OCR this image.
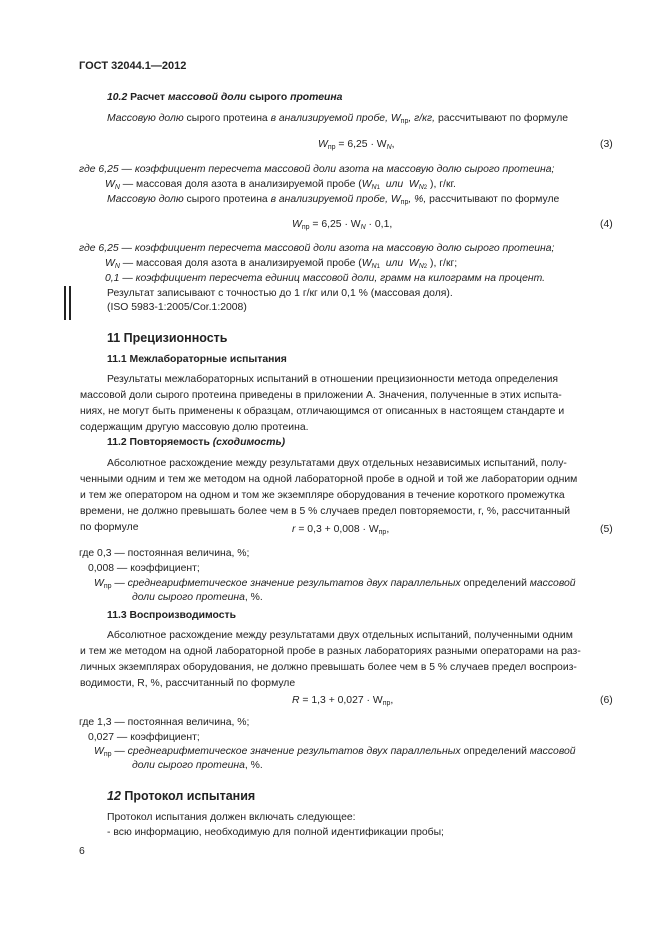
ГОСТ 32044.1—2012
10.2 Расчет массовой доли сырого протеина
Массовую долю сырого протеина в анализируемой пробе, $W_{пр}$, г/кг, рассчитывают по формуле
$W_{пр} = 6,25 \cdot W_N$,	(3)
где 6,25 — коэффициент пересчета массовой доли азота на массовую долю сырого протеина;
$W_N$ — массовая доля азота в анализируемой пробе ($W_{N1}$  или  $W_{N2}$ ), г/кг.
Массовую долю сырого протеина в анализируемой пробе, $W_{пр}$, %, рассчитывают по формуле
$W_{пр} = 6,25 \cdot W_N \cdot 0,1$,	(4)
где 6,25 — коэффициент пересчета массовой доли азота на массовую долю сырого протеина;
$W_N$ — массовая доля азота в анализируемой пробе ($W_{N1}$  или  $W_{N2}$ ), г/кг;
0,1 — коэффициент пересчета единиц массовой доли, грамм на килограмм на процент.
Результат записывают с точностью до 1 г/кг или 0,1 % (массовая доля).
(ISO 5983-1:2005/Cor.1:2008)
11 Прецизионность
11.1 Межлабораторные испытания
Результаты межлабораторных испытаний в отношении прецизионности метода определения
массовой доли сырого протеина приведены в приложении А. Значения, полученные в этих испыта-
ниях, не могут быть применены к образцам, отличающимся от описанных в настоящем стандарте и
содержащим другую массовую долю протеина.
11.2 Повторяемость (сходимость)
Абсолютное расхождение между результатами двух отдельных независимых испытаний, полу-
ченными одним и тем же методом на одной лабораторной пробе в одной и той же лаборатории одним
и тем же оператором на одном и том же экземпляре оборудования в течение короткого промежутка
времени, не должно превышать более чем в 5 % случаев предел повторяемости, r, %, рассчитанный
по формуле	$r = 0,3 + 0,008 \cdot W_{пр}$,	(5)
где 0,3 — постоянная величина, %;
0,008 — коэффициент;
$W_{пр}$ — среднеарифметическое значение результатов двух параллельных определений массовой
доли сырого протеина, %.
11.3 Воспроизводимость
Абсолютное расхождение между результатами двух отдельных испытаний, полученными одним
и тем же методом на одной лабораторной пробе в разных лабораториях разными операторами на раз-
личных экземплярах оборудования, не должно превышать более чем в 5 % случаев предел воспроиз-
водимости, R, %, рассчитанный по формуле
$R = 1,3 + 0,027 \cdot W_{пр}$,	(6)
где 1,3 — постоянная величина, %;
0,027 — коэффициент;
$W_{пр}$ — среднеарифметическое значение результатов двух параллельных определений массовой
доли сырого протеина, %.
12 Протокол испытания
Протокол испытания должен включать следующее:
- всю информацию, необходимую для полной идентификации пробы;
6
